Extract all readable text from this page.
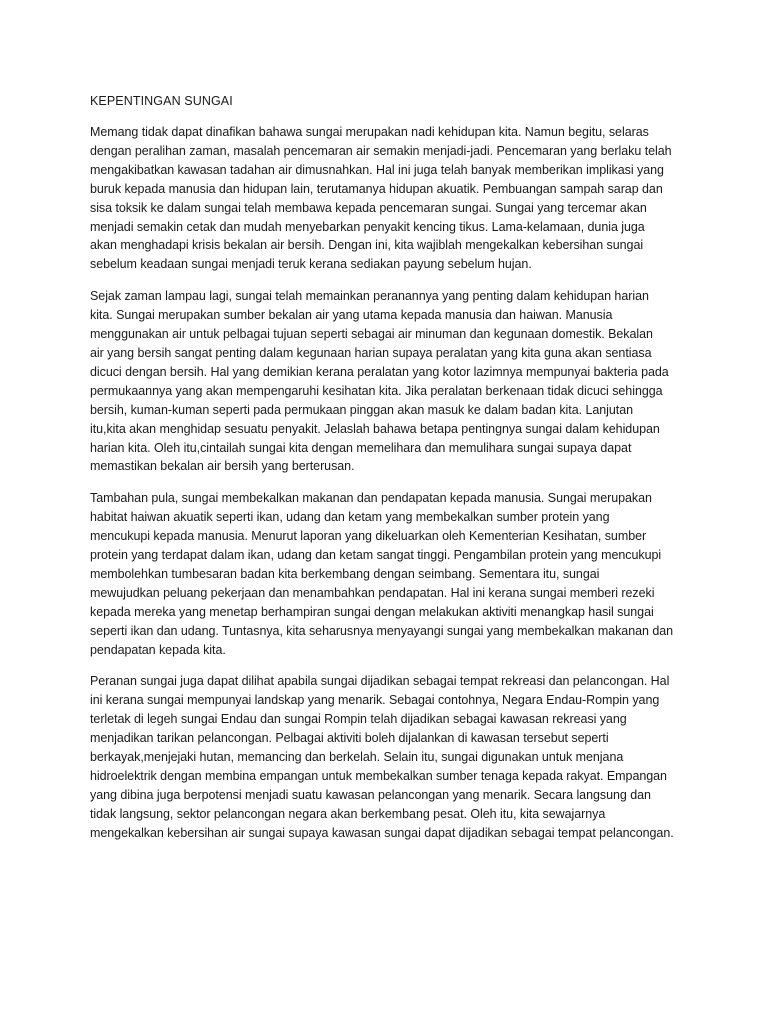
KEPENTINGAN SUNGAI
Memang tidak dapat dinafikan bahawa sungai merupakan nadi kehidupan kita. Namun begitu, selaras
dengan peralihan zaman, masalah pencemaran air semakin menjadi-jadi. Pencemaran yang berlaku telah
mengakibatkan kawasan tadahan air dimusnahkan. Hal ini juga telah banyak memberikan implikasi yang
buruk kepada manusia dan hidupan lain, terutamanya hidupan akuatik. Pembuangan sampah sarap dan
sisa toksik ke dalam sungai telah membawa kepada pencemaran sungai. Sungai yang tercemar akan
menjadi semakin cetak dan mudah menyebarkan penyakit kencing tikus. Lama-kelamaan, dunia juga
akan menghadapi krisis bekalan air bersih. Dengan ini, kita wajiblah mengekalkan kebersihan sungai
sebelum keadaan sungai menjadi teruk kerana sediakan payung sebelum hujan.
Sejak zaman lampau lagi, sungai telah memainkan peranannya yang penting dalam kehidupan harian
kita. Sungai merupakan sumber bekalan air yang utama kepada manusia dan haiwan. Manusia
menggunakan air untuk pelbagai tujuan seperti sebagai air minuman dan kegunaan domestik. Bekalan
air yang bersih sangat penting dalam kegunaan harian supaya peralatan yang kita guna akan sentiasa
dicuci dengan bersih. Hal yang demikian kerana peralatan yang kotor lazimnya mempunyai bakteria pada
permukaannya yang akan mempengaruhi kesihatan kita. Jika peralatan berkenaan tidak dicuci sehingga
bersih, kuman-kuman seperti pada permukaan pinggan akan masuk ke dalam badan kita. Lanjutan
itu,kita akan menghidap sesuatu penyakit. Jelaslah bahawa betapa pentingnya sungai dalam kehidupan
harian kita. Oleh itu,cintailah sungai kita dengan memelihara dan memulihara sungai supaya dapat
memastikan bekalan air bersih yang berterusan.
Tambahan pula, sungai membekalkan makanan dan pendapatan kepada manusia. Sungai merupakan
habitat haiwan akuatik seperti ikan, udang dan ketam yang membekalkan sumber protein yang
mencukupi kepada manusia. Menurut laporan yang dikeluarkan oleh Kementerian Kesihatan, sumber
protein yang terdapat dalam ikan, udang dan ketam sangat tinggi. Pengambilan protein yang mencukupi
membolehkan tumbesaran badan kita berkembang dengan seimbang. Sementara itu, sungai
mewujudkan peluang pekerjaan dan menambahkan pendapatan. Hal ini kerana sungai memberi rezeki
kepada mereka yang menetap berhampiran sungai dengan melakukan aktiviti menangkap hasil sungai
seperti ikan dan udang. Tuntasnya, kita seharusnya menyayangi sungai yang membekalkan makanan dan
pendapatan kepada kita.
Peranan sungai juga dapat dilihat apabila sungai dijadikan sebagai tempat rekreasi dan pelancongan. Hal
ini kerana sungai mempunyai landskap yang menarik. Sebagai contohnya, Negara Endau-Rompin yang
terletak di legeh sungai Endau dan sungai Rompin telah dijadikan sebagai kawasan rekreasi yang
menjadikan tarikan pelancongan. Pelbagai aktiviti boleh dijalankan di kawasan tersebut seperti
berkayak,menjejaki hutan, memancing dan berkelah. Selain itu, sungai digunakan untuk menjana
hidroelektrik dengan membina empangan untuk membekalkan sumber tenaga kepada rakyat. Empangan
yang dibina juga berpotensi menjadi suatu kawasan pelancongan yang menarik. Secara langsung dan
tidak langsung, sektor pelancongan negara akan berkembang pesat. Oleh itu, kita sewajarnya
mengekalkan kebersihan air sungai supaya kawasan sungai dapat dijadikan sebagai tempat pelancongan.
